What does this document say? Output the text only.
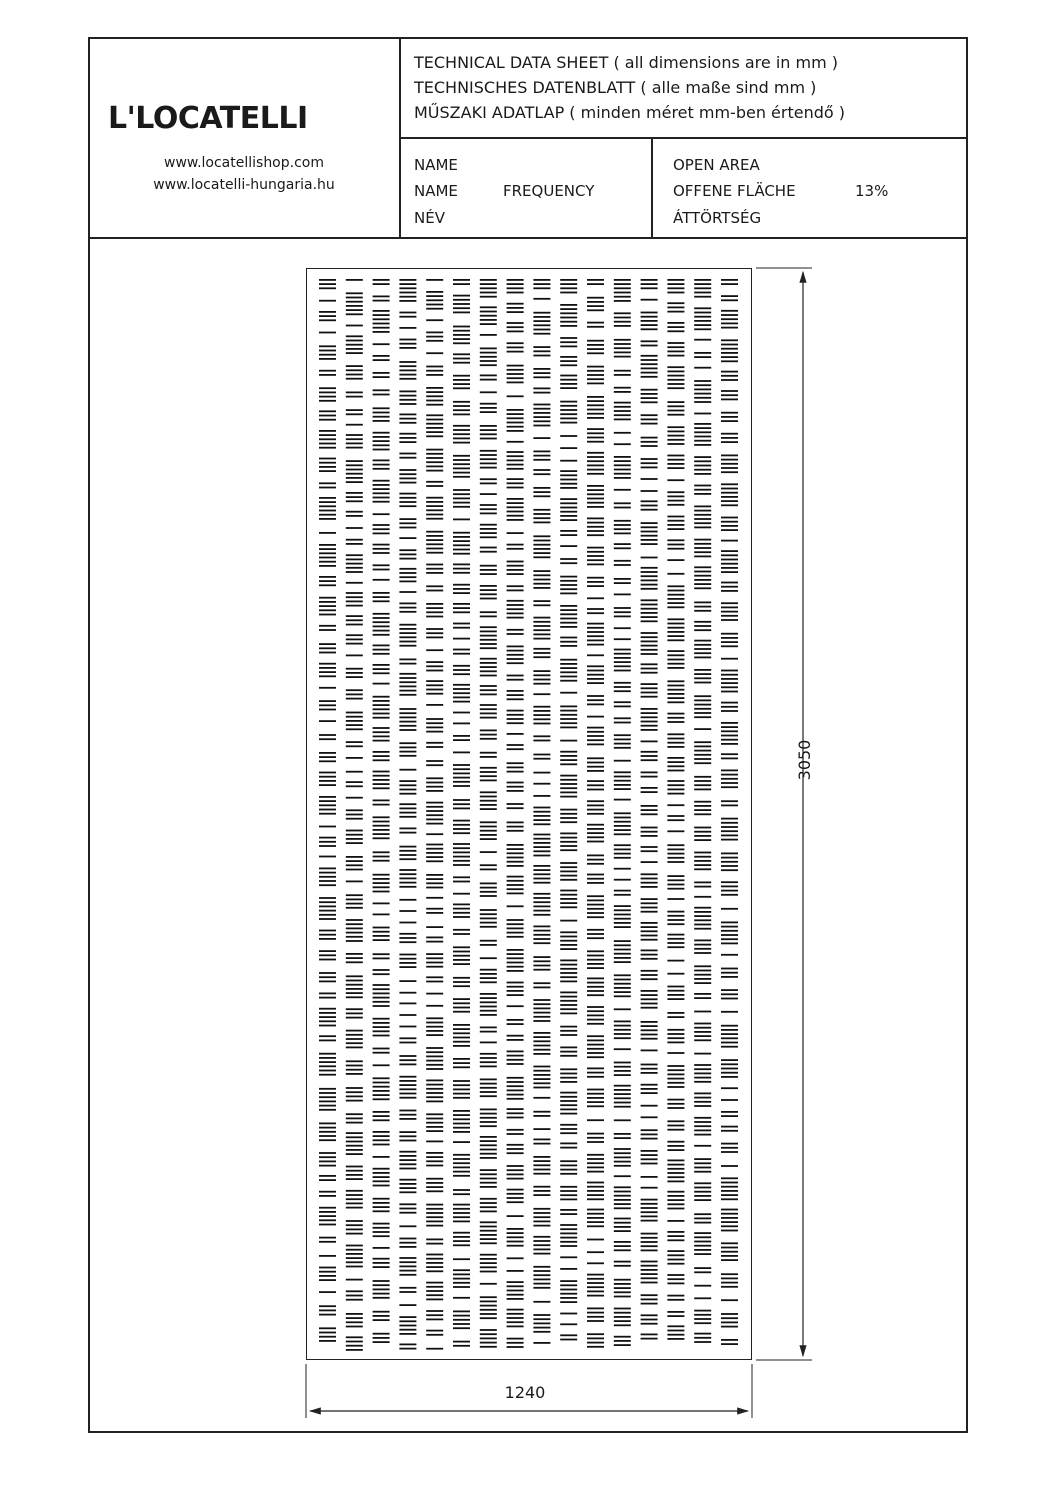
L'LOCATELLI
www.locatellishop.com
www.locatelli-hungaria.hu
TECHNICAL DATA SHEET ( all dimensions are in mm )
TECHNISCHES DATENBLATT ( alle maße sind mm )
MŰSZAKI ADATLAP ( minden méret mm-ben értendő )
NAME
NAME
NÉV
FREQUENCY
OPEN AREA
OFFENE FLÄCHE
ÁTTÖRTSÉG
13%
3050
1240
